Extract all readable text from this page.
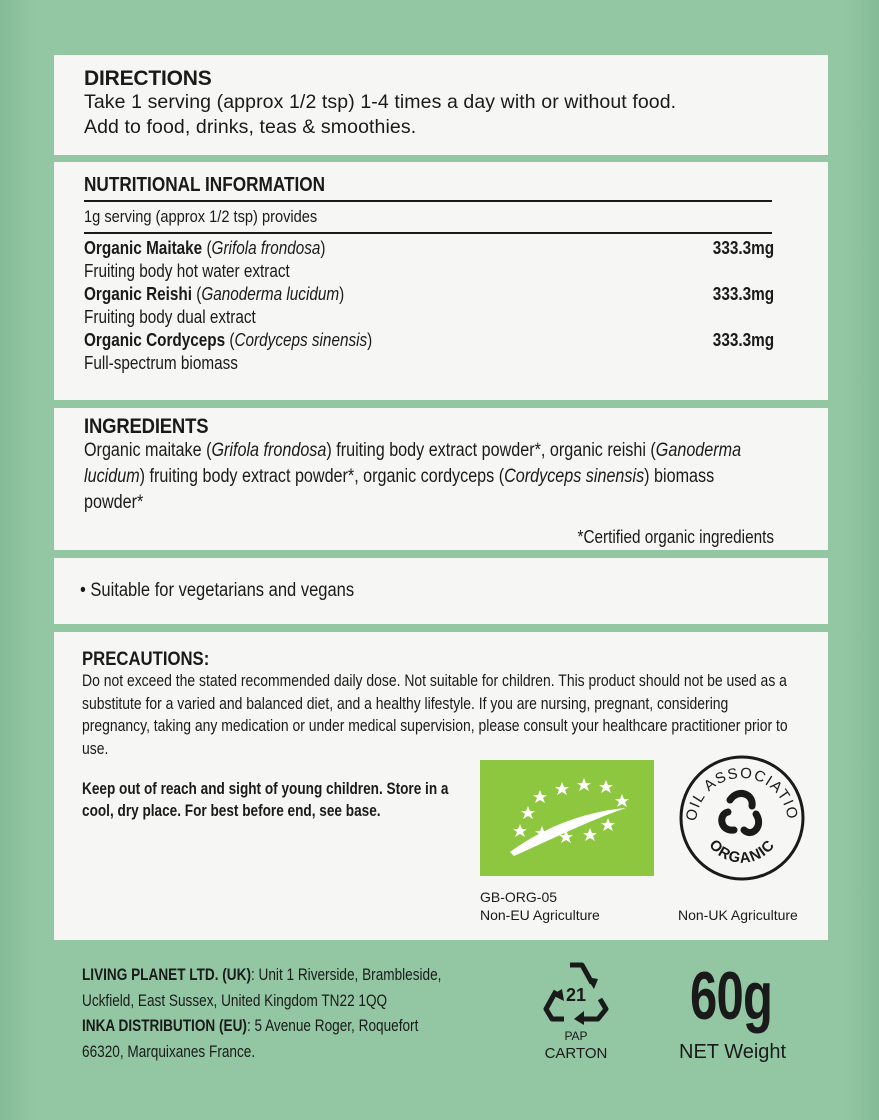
DIRECTIONS
Take 1 serving (approx 1/2 tsp) 1-4 times a day with or without food.
Add to food, drinks, teas & smoothies.
NUTRITIONAL INFORMATION
1g serving (approx 1/2 tsp) provides
Organic Maitake (Grifola frondosa)	333.3mg
Fruiting body hot water extract
Organic Reishi (Ganoderma lucidum)	333.3mg
Fruiting body dual extract
Organic Cordyceps (Cordyceps sinensis)	333.3mg
Full-spectrum biomass
INGREDIENTS
Organic maitake (Grifola frondosa) fruiting body extract powder*, organic reishi (Ganoderma lucidum) fruiting body extract powder*, organic cordyceps (Cordyceps sinensis) biomass powder*
*Certified organic ingredients
• Suitable for vegetarians and vegans
PRECAUTIONS:
Do not exceed the stated recommended daily dose. Not suitable for children. This product should not be used as a substitute for a varied and balanced diet, and a healthy lifestyle. If you are nursing, pregnant, considering pregnancy, taking any medication or under medical supervision, please consult your healthcare practitioner prior to use.
Keep out of reach and sight of young children. Store in a cool, dry place. For best before end, see base.
GB-ORG-05
Non-EU Agriculture
OIL ASSOCIATIO
ORGANIC
Non-UK Agriculture
LIVING PLANET LTD. (UK): Unit 1 Riverside, Brambleside,
Uckfield, East Sussex, United Kingdom TN22 1QQ
INKA DISTRIBUTION (EU): 5 Avenue Roger, Roquefort
66320, Marquixanes France.
21
PAP
CARTON
60g
NET Weight
